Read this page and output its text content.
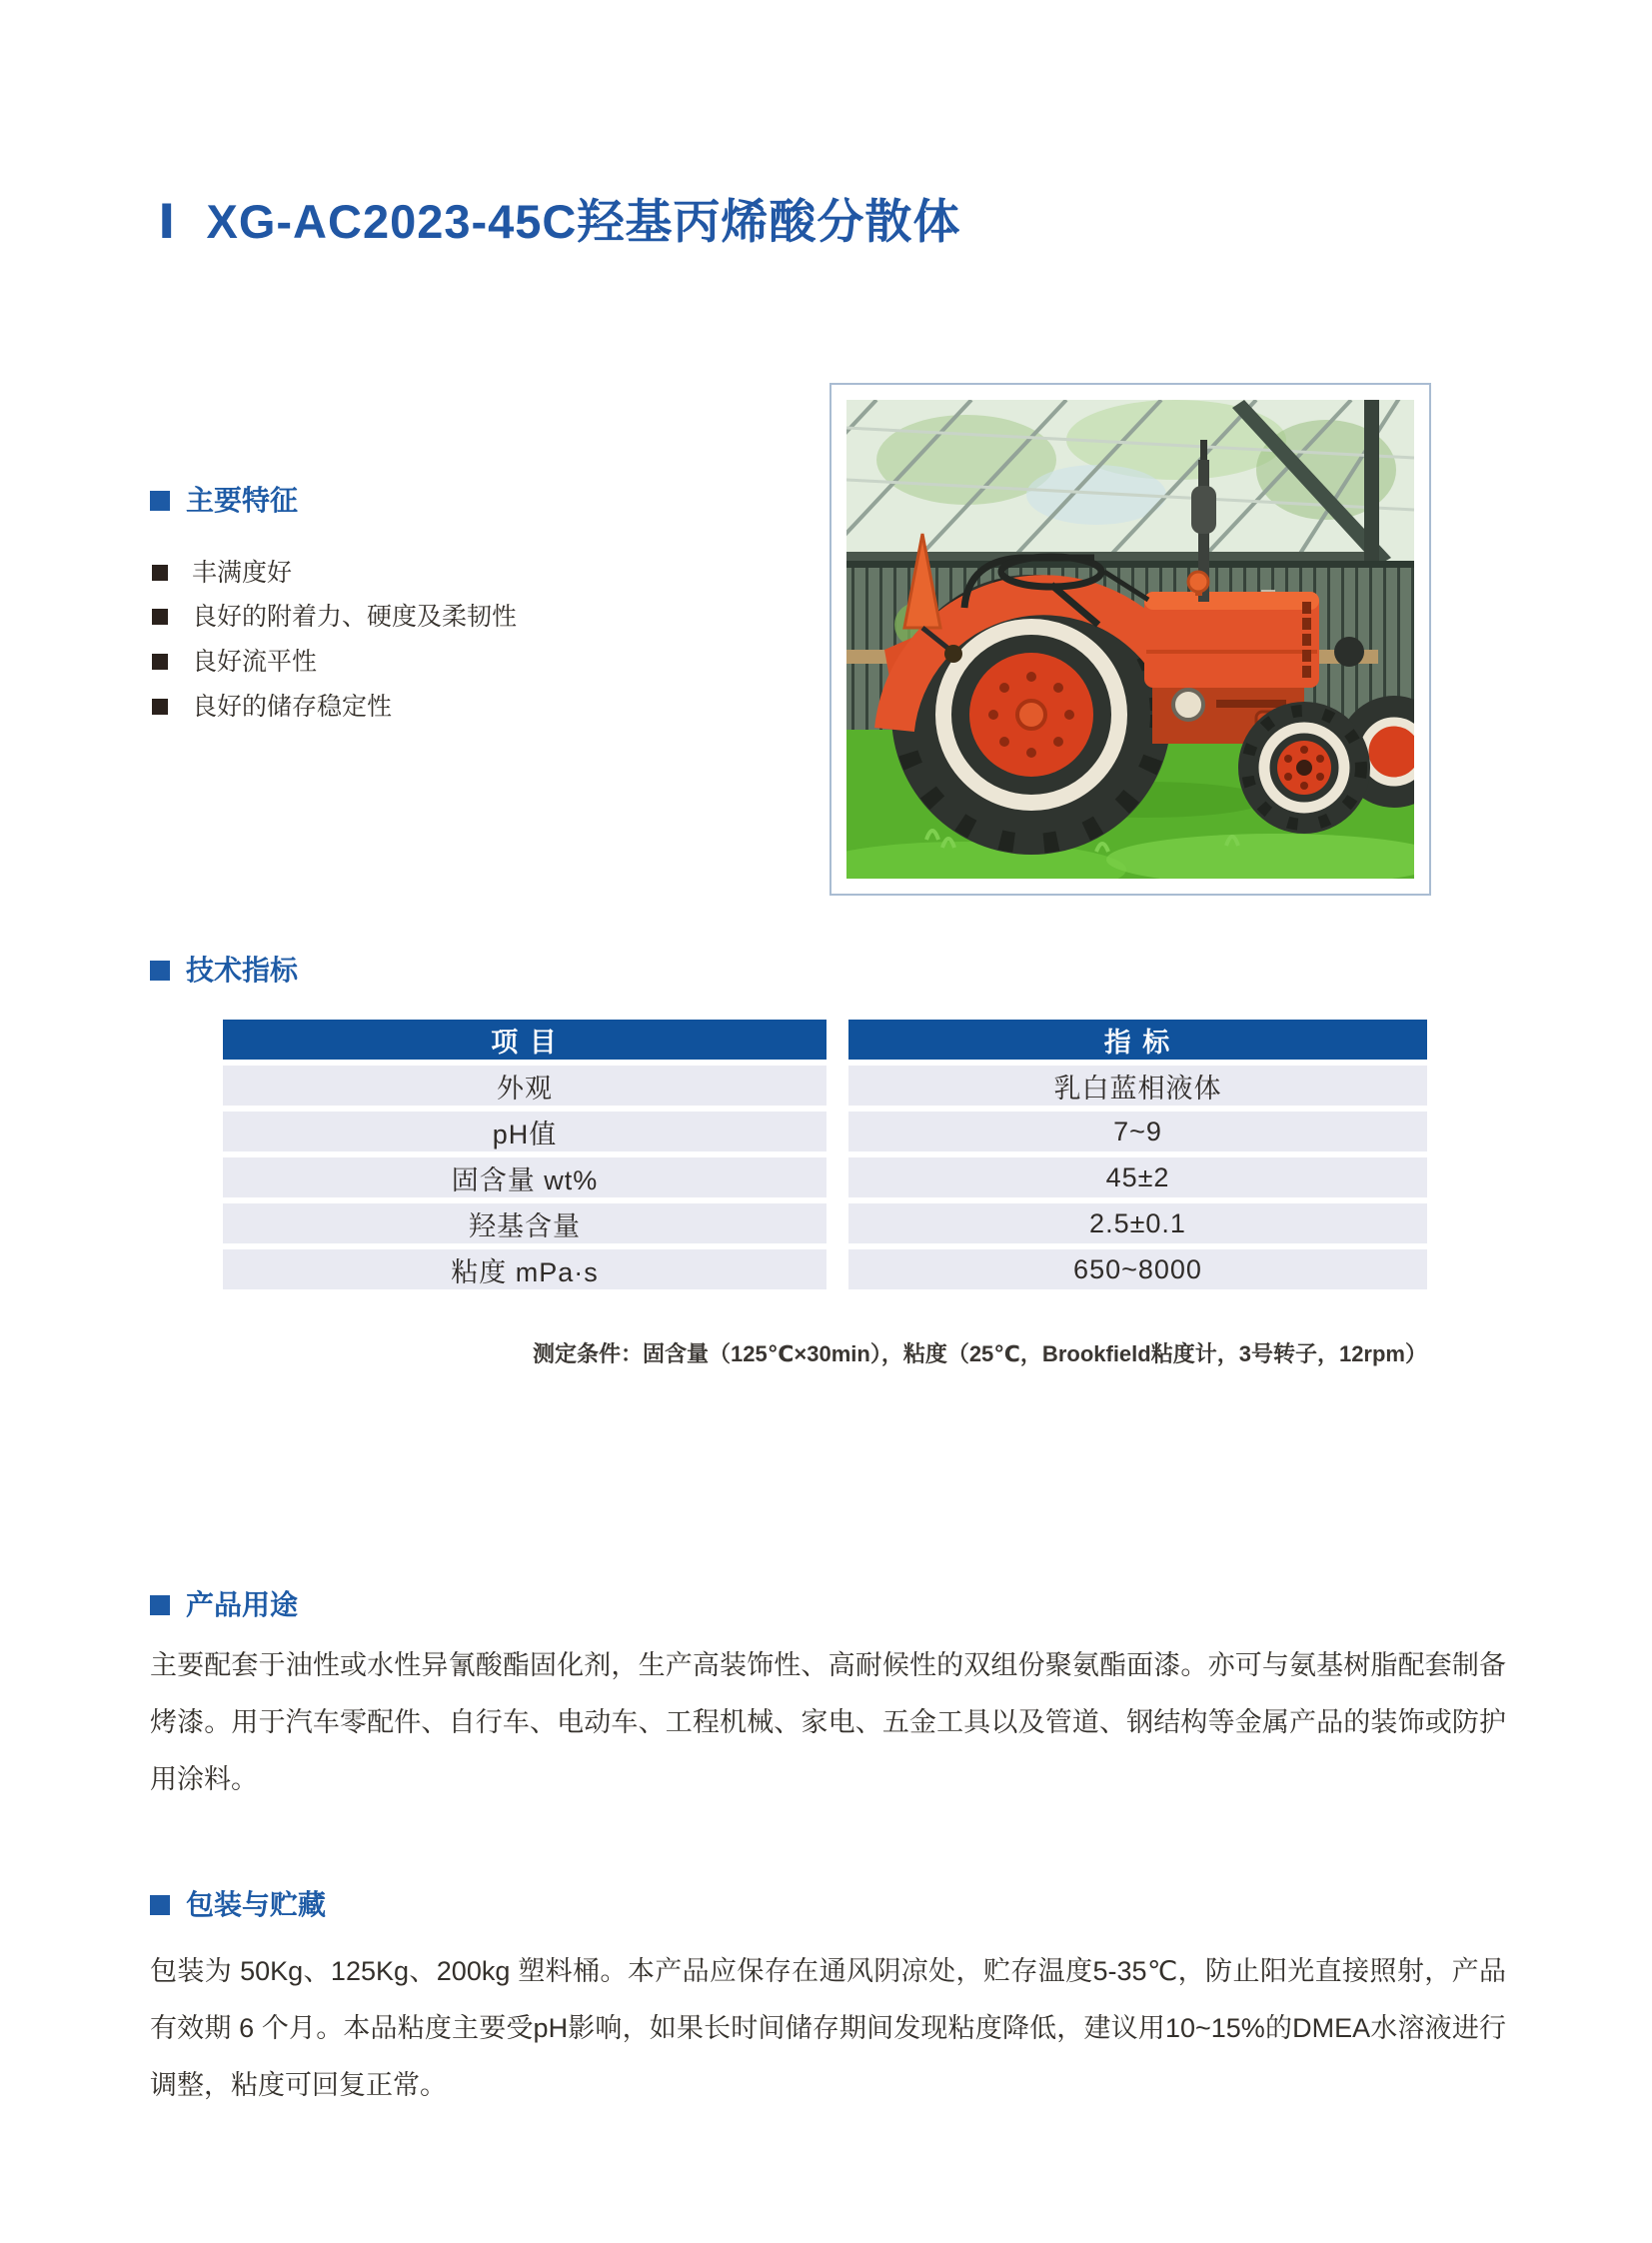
Ⅰ XG-AC2023-45C羟基丙烯酸分散体
主要特征
丰满度好
良好的附着力、硬度及柔韧性
良好流平性
良好的储存稳定性
技术指标
项 目	指 标
外观	乳白蓝相液体
pH值	7~9
固含量 wt%	45±2
羟基含量	2.5±0.1
粘度 mPa·s	650~8000
测定条件：固含量（125℃×30min），粘度（25℃，Brookfield粘度计，3号转子，12rpm）
产品用途
主要配套于油性或水性异氰酸酯固化剂，生产高装饰性、高耐候性的双组份聚氨酯面漆。亦可与氨基树脂配套制备烤漆。用于汽车零配件、自行车、电动车、工程机械、家电、五金工具以及管道、钢结构等金属产品的装饰或防护用涂料。
包装与贮藏
包装为 50Kg、125Kg、200kg 塑料桶。本产品应保存在通风阴凉处，贮存温度5-35℃，防止阳光直接照射，产品有效期 6 个月。本品粘度主要受pH影响，如果长时间储存期间发现粘度降低，建议用10~15%的DMEA水溶液进行调整，粘度可回复正常。
